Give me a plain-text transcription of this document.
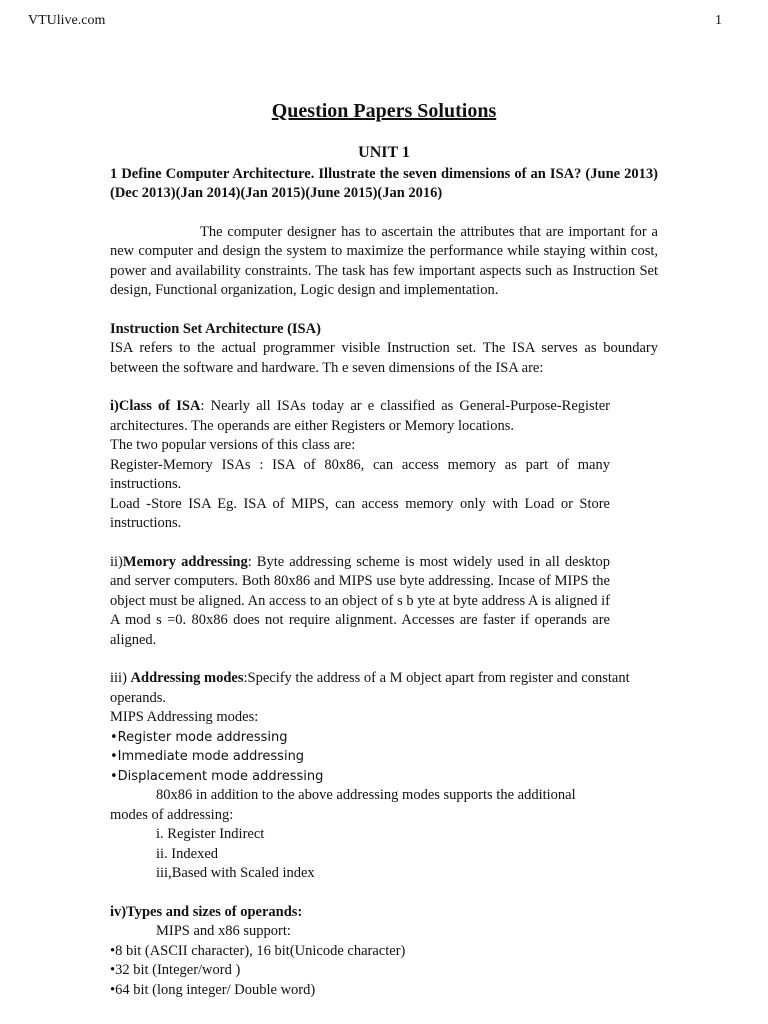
VTUlive.com	1
Question Papers Solutions

UNIT 1

1 Define Computer Architecture. Illustrate the seven dimensions of an ISA? (June 2013)(Dec 2013)(Jan 2014)(Jan 2015)(June 2015)(Jan 2016)

The computer designer has to ascertain the attributes that are important for a new computer and design the system to maximize the performance while staying within cost, power and availability constraints. The task has few important aspects such as Instruction Set design, Functional organization, Logic design and implementation.

Instruction Set Architecture (ISA)

ISA refers to the actual programmer visible Instruction set. The ISA serves as boundary between the software and hardware. Th e seven dimensions of the ISA are:

i)Class of ISA: Nearly all ISAs today ar e classified as General-Purpose-Register architectures. The operands are either Registers or Memory locations.

The two popular versions of this class are:

Register-Memory ISAs : ISA of 80x86, can access memory as part of many instructions.

Load -Store ISA Eg. ISA of MIPS, can access memory only with Load or Store instructions.

ii)Memory addressing: Byte addressing scheme is most widely used in all desktop and server computers. Both 80x86 and MIPS use byte addressing. Incase of MIPS the object must be aligned. An access to an object of s b yte at byte address A is aligned if A mod s =0. 80x86 does not require alignment. Accesses are faster if operands are aligned.

iii) Addressing modes:Specify the address of a M object apart from register and constant operands.

MIPS Addressing modes:

•Register mode addressing

•Immediate mode addressing

•Displacement mode addressing

80x86 in addition to the above addressing modes supports the additional

modes of addressing:

i. Register Indirect

ii. Indexed

iii,Based with Scaled index

iv)Types and sizes of operands:

MIPS and x86 support:

•8 bit (ASCII character), 16 bit(Unicode character)

•32 bit (Integer/word )

•64 bit (long integer/ Double word)
